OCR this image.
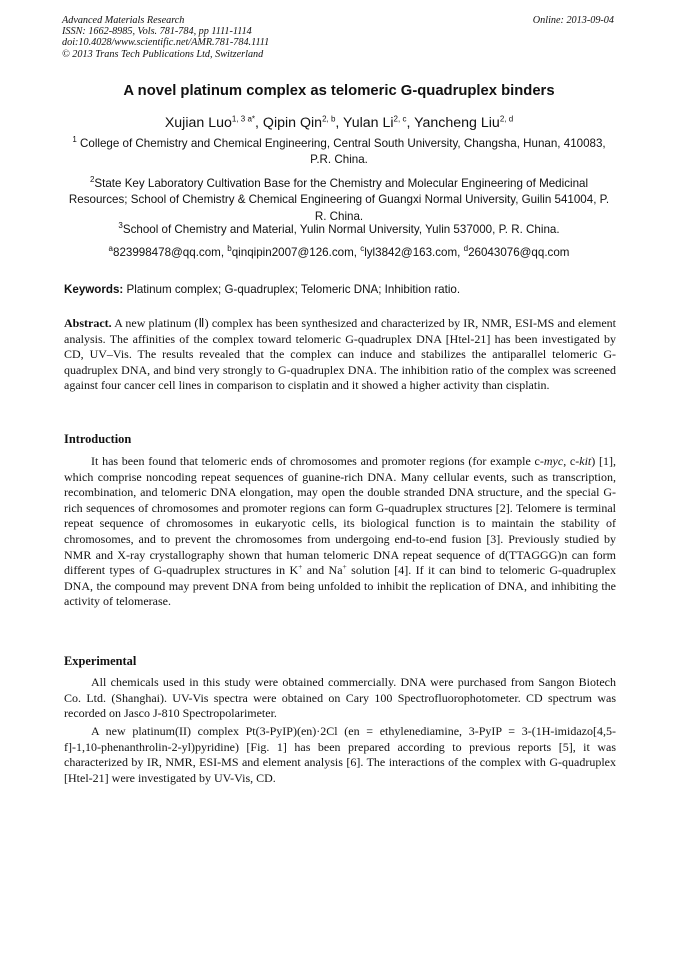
Advanced Materials Research
ISSN: 1662-8985, Vols. 781-784, pp 1111-1114
doi:10.4028/www.scientific.net/AMR.781-784.1111
© 2013 Trans Tech Publications Ltd, Switzerland
Online: 2013-09-04
A novel platinum complex as telomeric G-quadruplex binders
Xujian Luo$^{1, 3 a*}$, Qipin Qin$^{2, b}$, Yulan Li$^{2, c}$, Yancheng Liu$^{2, d}$
$^1$ College of Chemistry and Chemical Engineering, Central South University, Changsha, Hunan, 410083, P.R. China.
$^2$State Key Laboratory Cultivation Base for the Chemistry and Molecular Engineering of Medicinal Resources; School of Chemistry & Chemical Engineering of Guangxi Normal University, Guilin 541004, P. R. China.
$^3$School of Chemistry and Material, Yulin Normal University, Yulin 537000, P. R. China.
$^a$823998478@qq.com, $^b$qinqipin2007@126.com, $^c$lyl3842@163.com, $^d$26043076@qq.com
Keywords: Platinum complex; G-quadruplex; Telomeric DNA; Inhibition ratio.
Abstract. A new platinum (Ⅱ) complex has been synthesized and characterized by IR, NMR, ESI-MS and element analysis. The affinities of the complex toward telomeric G-quadruplex DNA [Htel-21] has been investigated by CD, UV–Vis. The results revealed that the complex can induce and stabilizes the antiparallel telomeric G-quadruplex DNA, and bind very strongly to G-quadruplex DNA. The inhibition ratio of the complex was screened against four cancer cell lines in comparison to cisplatin and it showed a higher activity than cisplatin.
Introduction
It has been found that telomeric ends of chromosomes and promoter regions (for example c-myc, c-kit) [1], which comprise noncoding repeat sequences of guanine-rich DNA. Many cellular events, such as transcription, recombination, and telomeric DNA elongation, may open the double stranded DNA structure, and the special G-rich sequences of chromosomes and promoter regions can form G-quadruplex structures [2]. Telomere is terminal repeat sequence of chromosomes in eukaryotic cells, its biological function is to maintain the stability of chromosomes, and to prevent the chromosomes from undergoing end-to-end fusion [3]. Previously studied by NMR and X-ray crystallography shown that human telomeric DNA repeat sequence of d(TTAGGG)n can form different types of G-quadruplex structures in K+ and Na+ solution [4]. If it can bind to telomeric G-quadruplex DNA, the compound may prevent DNA from being unfolded to inhibit the replication of DNA, and inhibiting the activity of telomerase.
Experimental
All chemicals used in this study were obtained commercially. DNA were purchased from Sangon Biotech Co. Ltd. (Shanghai). UV-Vis spectra were obtained on Cary 100 Spectrofluorophotometer. CD spectrum was recorded on Jasco J-810 Spectropolarimeter.
A new platinum(II) complex Pt(3-PyIP)(en)·2Cl (en = ethylenediamine, 3-PyIP = 3-(1H-imidazo[4,5-f]-1,10-phenanthrolin-2-yl)pyridine) [Fig. 1] has been prepared according to previous reports [5], it was characterized by IR, NMR, ESI-MS and element analysis [6]. The interactions of the complex with G-quadruplex [Htel-21] were investigated by UV-Vis, CD.
